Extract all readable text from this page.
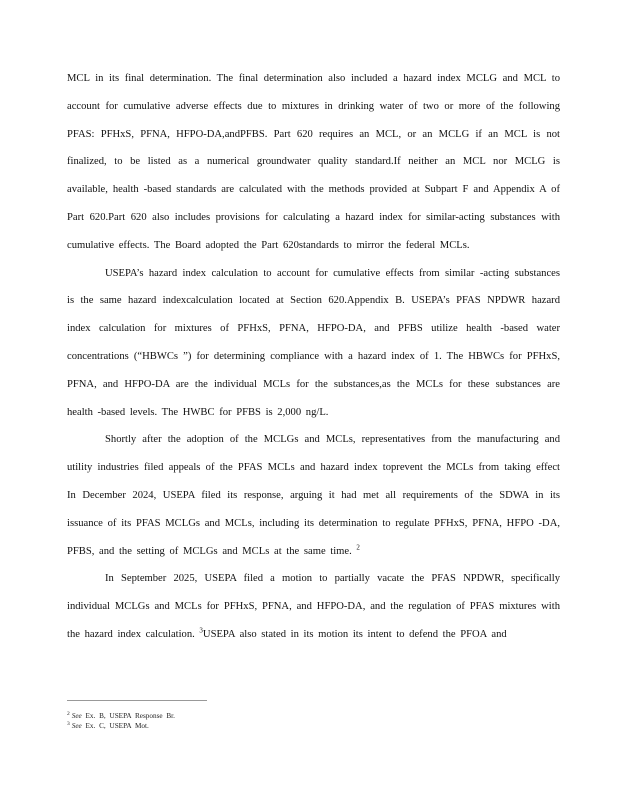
MCL in its final determination. The final determination also included a hazard index MCLG and MCL to account for cumulative adverse effects due to mixtures in drinking water of two or more of the following PFAS: PFHxS, PFNA, HFPO-DA,andPFBS. Part 620 requires an MCL, or an MCLG if an MCL is not finalized, to be listed as a numerical groundwater quality standard.If neither an MCL nor MCLG is available, health -based standards are calculated with the methods provided at Subpart F and Appendix A of Part 620.Part 620 also includes provisions for calculating a hazard index for similar-acting substances with cumulative effects. The Board adopted the Part 620standards to mirror the federal MCLs.

USEPA’s hazard index calculation to account for cumulative effects from similar -acting substances is the same hazard indexcalculation located at Section 620.Appendix B. USEPA’s PFAS NPDWR hazard index calculation for mixtures of PFHxS, PFNA, HFPO-DA, and PFBS utilize health -based water concentrations (“HBWCs ”) for determining compliance with a hazard index of 1. The HBWCs for PFHxS, PFNA, and HFPO-DA are the individual MCLs for the substances,as the MCLs for these substances are health -based levels. The HWBC for PFBS is 2,000 ng/L.

Shortly after the adoption of the MCLGs and MCLs, representatives from the manufacturing and utility industries filed appeals of the PFAS MCLs and hazard index toprevent the MCLs from taking effect In December 2024, USEPA filed its response, arguing it had met all requirements of the SDWA in its issuance of its PFAS MCLGs and MCLs, including its determination to regulate PFHxS, PFNA, HFPO -DA, PFBS, and the setting of MCLGs and MCLs at the same time. $^2$

In September 2025, USEPA filed a motion to partially vacate the PFAS NPDWR, specifically individual MCLGs and MCLs for PFHxS, PFNA, and HFPO-DA, and the regulation of PFAS mixtures with the hazard index calculation. $^3$USEPA also stated in its motion its intent to defend the PFOA and

$^2$ See Ex. B, USEPA Response Br.
$^3$ See Ex. C, USEPA Mot.
